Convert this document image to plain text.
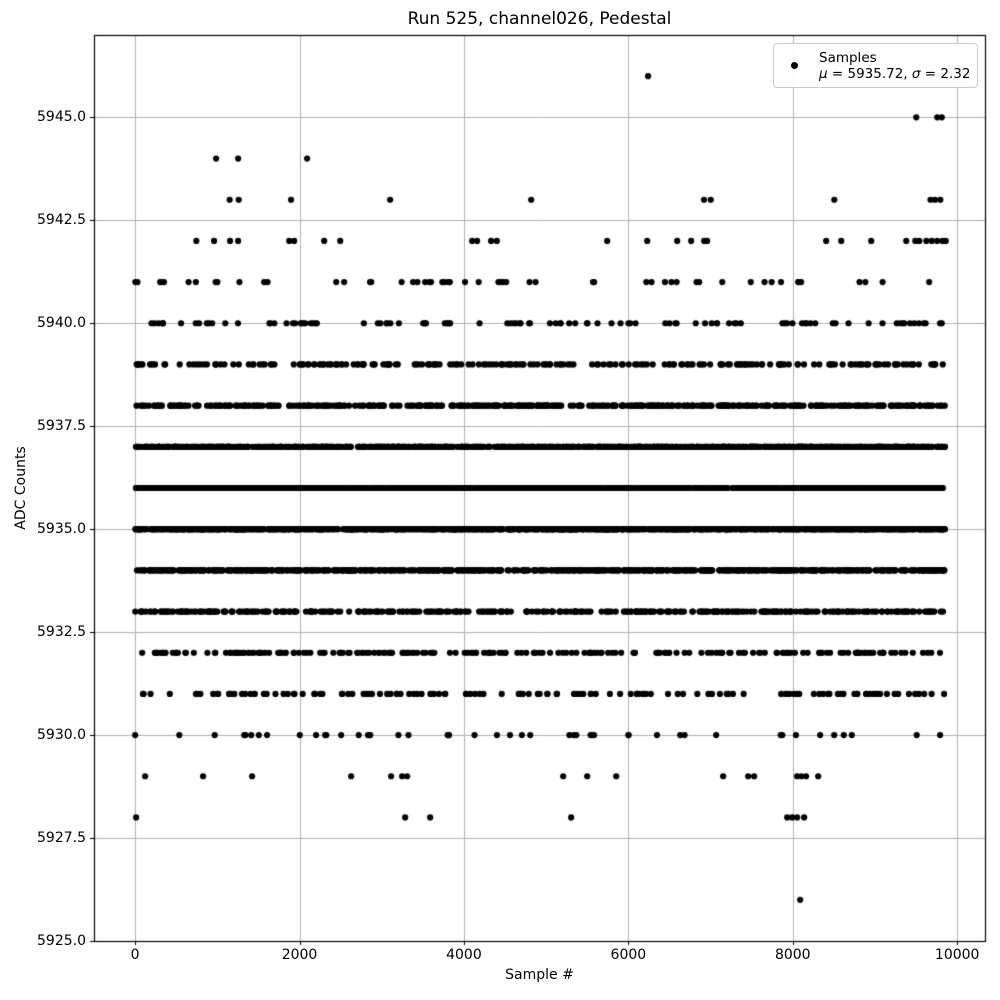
Run 525, channel026, Pedestal
Sample #
ADC Counts
0	2000	4000	6000	8000	10000
5925.0
5927.5
5930.0
5932.5
5935.0
5937.5
5940.0
5942.5
5945.0
Samples
μ = 5935.72, σ = 2.32
